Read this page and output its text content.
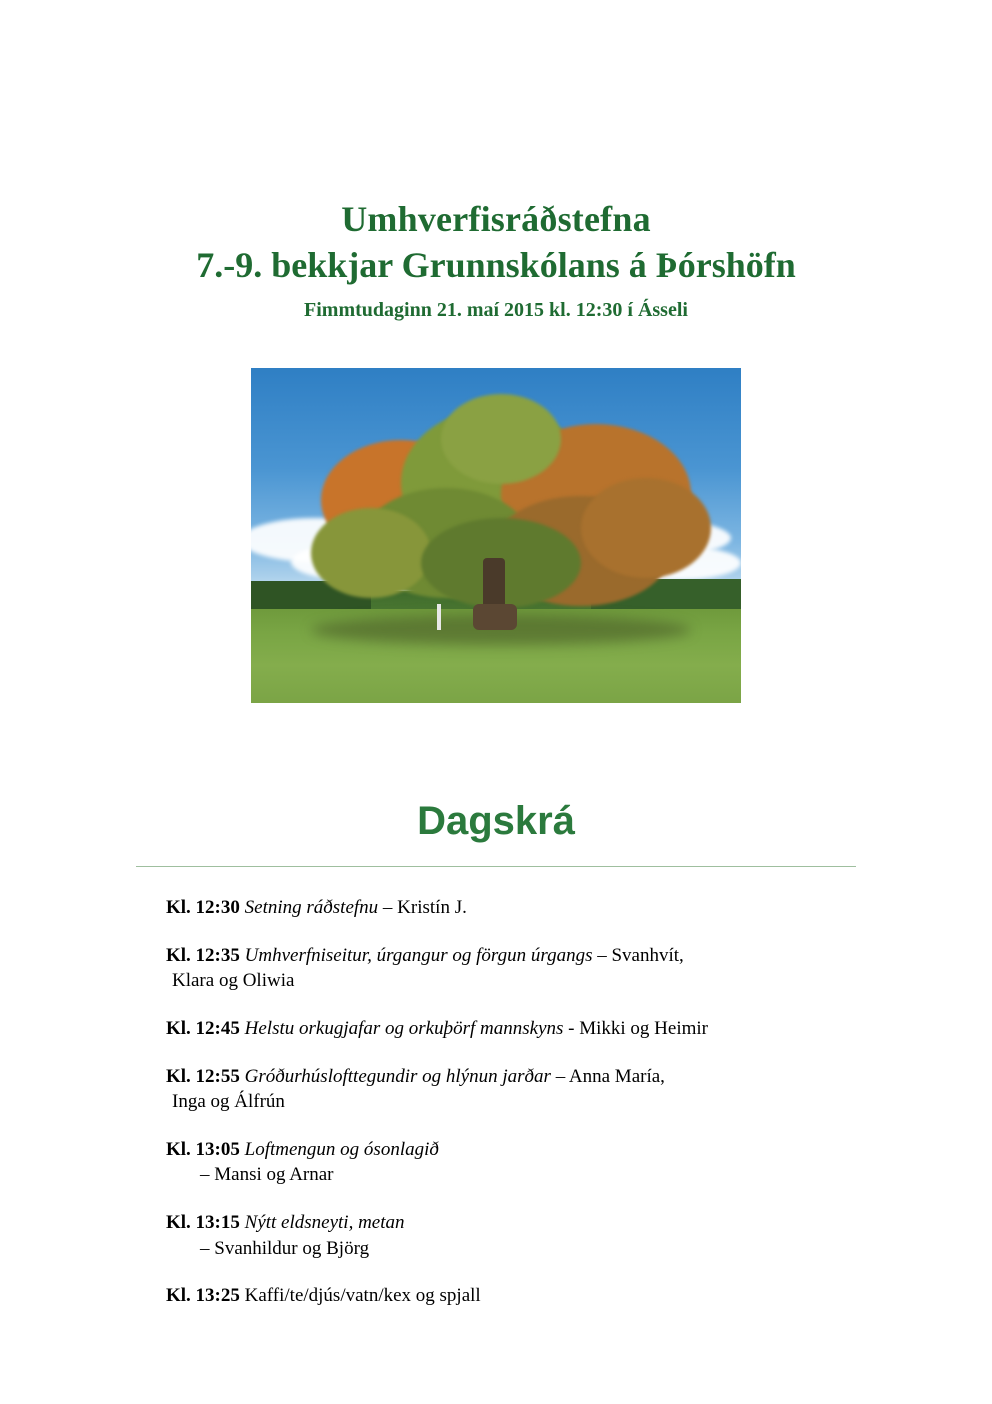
Umhverfisráðstefna
7.-9. bekkjar Grunnskólans á Þórshöfn
Fimmtudaginn 21. maí 2015 kl. 12:30 í Ásseli
Dagskrá
Kl. 12:30 Setning ráðstefnu – Kristín J.
Kl. 12:35 Umhverfniseitur, úrgangur og förgun úrgangs – Svanhvít,
Klara og Oliwia
Kl. 12:45 Helstu orkugjafar og orkuþörf mannskyns - Mikki og Heimir
Kl. 12:55 Gróðurhúslofttegundir og hlýnun jarðar – Anna María,
Inga og Álfrún
Kl. 13:05 Loftmengun og ósonlagið
– Mansi og Arnar
Kl. 13:15 Nýtt eldsneyti, metan
– Svanhildur og Björg
Kl. 13:25 Kaffi/te/djús/vatn/kex og spjall
